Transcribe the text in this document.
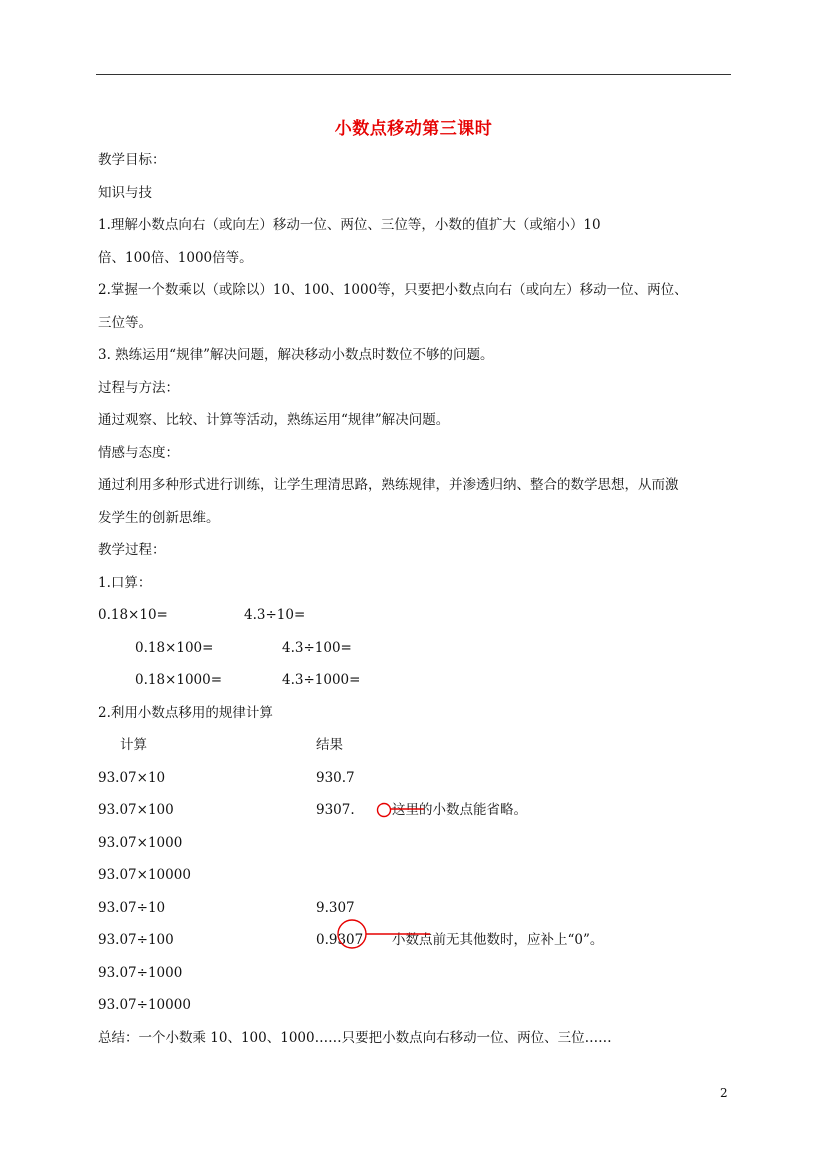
小数点移动第三课时
教学目标：
知识与技
1.理解小数点向右（或向左）移动一位、两位、三位等，小数的值扩大（或缩小）10
倍、100倍、1000倍等。
2.掌握一个数乘以（或除以）10、100、1000等，只要把小数点向右（或向左）移动一位、两位、
三位等。
3. 熟练运用“规律”解决问题，解决移动小数点时数位不够的问题。
过程与方法：
通过观察、比较、计算等活动，熟练运用“规律”解决问题。
情感与态度：
通过利用多种形式进行训练，让学生理清思路，熟练规律，并渗透归纳、整合的数学思想，从而激
发学生的创新思维。
教学过程：
1.口算：
0.18×10=	4.3÷10=
0.18×100=	4.3÷100=
0.18×1000=	4.3÷1000=
2.利用小数点移用的规律计算
计算	结果
93.07×10	930.7
93.07×100	9307.	这里的小数点能省略。
93.07×1000
93.07×10000
93.07÷10	9.307
93.07÷100	0.9307 小数点前无其他数时，应补上“0”。
93.07÷1000
93.07÷10000
总结：一个小数乘 10、100、1000……只要把小数点向右移动一位、两位、三位……
2
